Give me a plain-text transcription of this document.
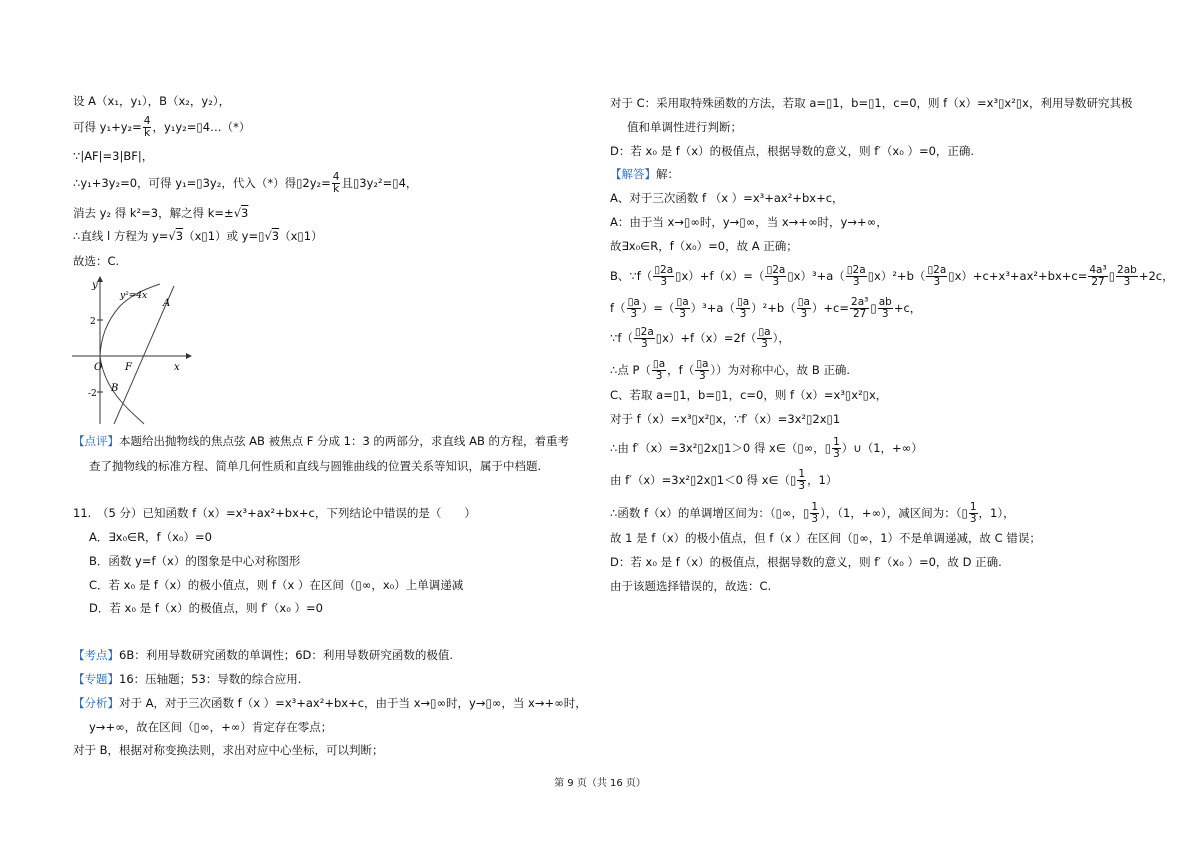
设 A（x₁，y₁），B（x₂，y₂），
可得 $y_1+y_2= \frac{4}{k}$ ，y₁y₂=▯4…（*）
∵|AF|=3|BF|，
∴y₁+3y₂=0，可得 y₁=▯3y₂，代入（*）得▯2y₂= $\frac{4}{k}$ 且▯3y₂²=▯4，
消去 y₂ 得 k²=3，解之得 k=±√3
∴直线 l 方程为 y=√3（x▯1）或 y=▯√3（x▯1）
故选：C.
y
x
y²=4x
A
B
F
O
2
-2
【点评】本题给出抛物线的焦点弦 AB 被焦点 F 分成 1：3 的两部分，求直线 AB 的方程，着重考
查了抛物线的标准方程、简单几何性质和直线与圆锥曲线的位置关系等知识，属于中档题.
11.　（5 分）已知函数 f（x）=x³+ax²+bx+c，下列结论中错误的是（　　）
A．∃x₀∈R，f（x₀）=0
B．函数 y=f（x）的图象是中心对称图形
C．若 x₀ 是 f（x）的极小值点，则 f（x ）在区间（▯∞，x₀）上单调递减
D．若 x₀ 是 f（x）的极值点，则 f′（x₀ ）=0
【考点】6B：利用导数研究函数的单调性；6D：利用导数研究函数的极值.
【专题】16：压轴题；53：导数的综合应用.
【分析】对于 A，对于三次函数 f（x ）=x³+ax²+bx+c，由于当 x→▯∞时，y→▯∞，当 x→+∞时，
y→+∞，故在区间（▯∞，+∞）肯定存在零点；
对于 B，根据对称变换法则，求出对应中心坐标，可以判断；
对于 C：采用取特殊函数的方法，若取 a=▯1，b=▯1，c=0，则 f（x）=x³▯x²▯x，利用导数研究其极
值和单调性进行判断；
D：若 x₀ 是 f（x）的极值点，根据导数的意义，则 f′（x₀ ）=0，正确.
【解答】解：
A、对于三次函数 f （x ）=x³+ax²+bx+c，
A：由于当 x→▯∞时，y→▯∞，当 x→+∞时，y→+∞，
故∃x₀∈R，f（x₀）=0，故 A 正确；
B、∵f（ $\frac{▯2a}{3}$ ▯x）+f（x）=（ $\frac{▯2a}{3}$ ▯x）³+a（ $\frac{▯2a}{3}$ ▯x）²+b（ $\frac{▯2a}{3}$ ▯x）+c+x³+ax²+bx+c= $\frac{\text{4a³}}{27}$ ▯ $\frac{2ab}{3} +2c$，
$f( \frac{▯a}{3}$ ）=（ $\frac{▯a}{3} )^3+a( \frac{▯a}{3} )^2+b( \frac{▯a}{3} )+c= \frac{\text{2a³}}{27}$ ▯ $\frac{ab}{3} +c$，
∵f（ $\frac{▯2a}{3}$ ▯x）+f（x）=2f（ $\frac{▯a}{3}$ ），
∴点 $P( \frac{▯a}{3}$ ，$f( \frac{▯a}{3}$ ））为对称中心，故 B 正确.
C、若取 a=▯1，b=▯1，c=0，则 f（x）=x³▯x²▯x，
对于 f（x）=x³▯x²▯x，∵f′（x）=3x²▯2x▯1
∴由 f′（x）=3x²▯2x▯1＞0 得 x∈（▯∞，▯ $\frac{1}{3}$ ）∪（1，+∞）
由 f′（x）=3x²▯2x▯1＜0 得 x∈（▯ $\frac{1}{3}$ ，1）
∴函数 f（x）的单调增区间为：（▯∞，▯ $\frac{1}{3}$ ），（1，+∞），减区间为：（▯ $\frac{1}{3}$ ，1），
故 1 是 f（x）的极小值点，但 f（x ）在区间（▯∞，1）不是单调递减，故 C 错误；
D：若 x₀ 是 f（x）的极值点，根据导数的意义，则 f′（x₀ ）=0，故 D 正确.
由于该题选择错误的，故选：C.
第 9 页（共 16 页）
